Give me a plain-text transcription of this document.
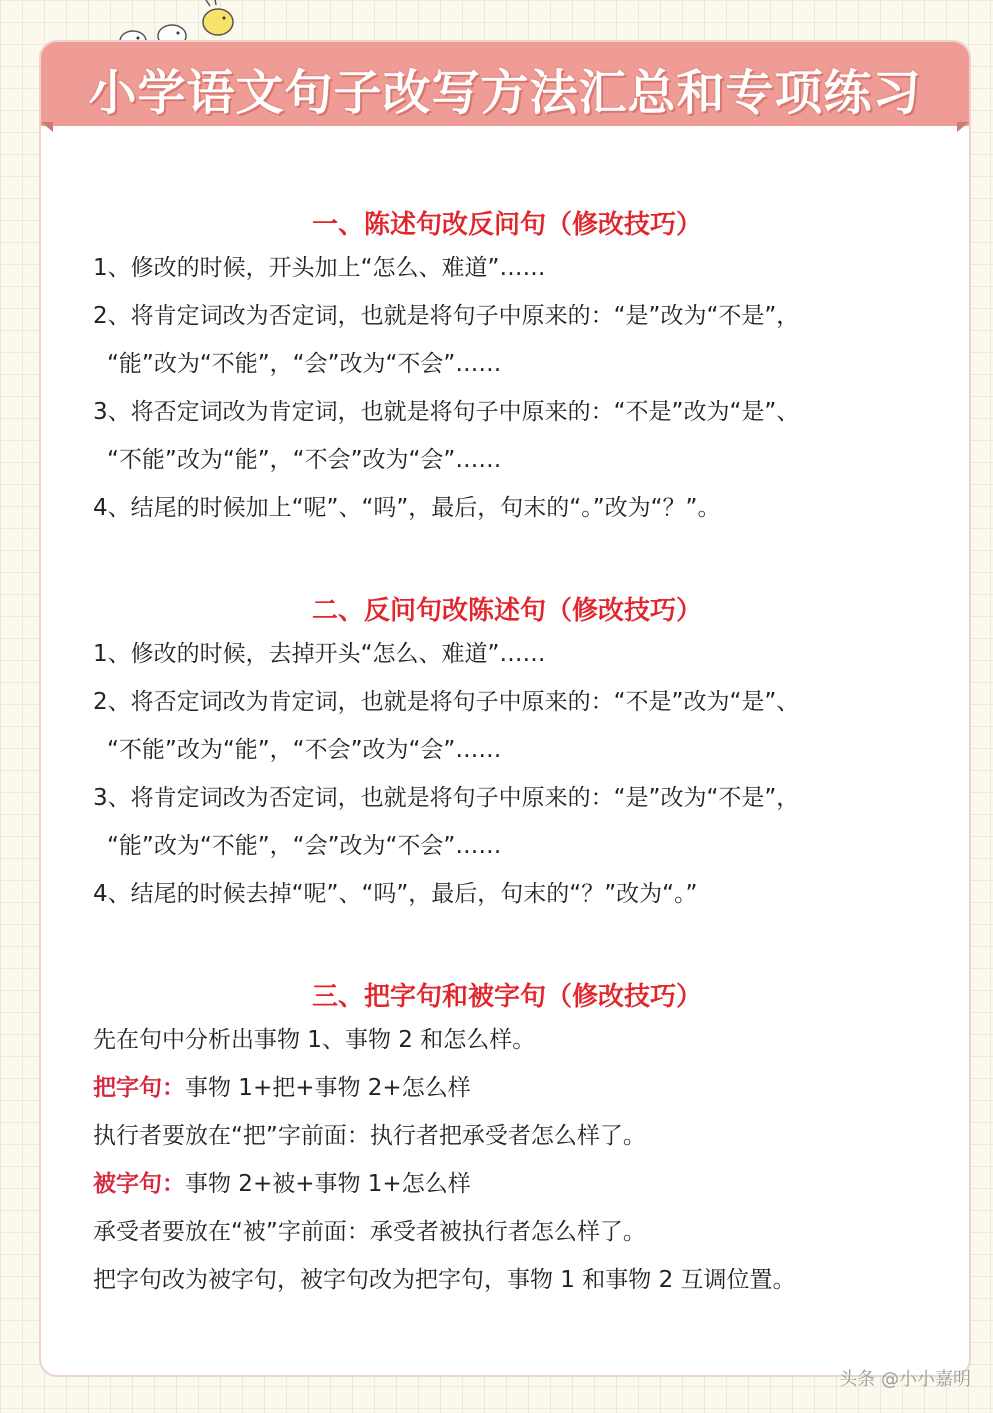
小学语文句子改写方法汇总和专项练习
一、陈述句改反问句（修改技巧）
1、修改的时候，开头加上“怎么、难道”……
2、将肯定词改为否定词，也就是将句子中原来的：“是”改为“不是”，
“能”改为“不能”，“会”改为“不会”……
3、将否定词改为肯定词，也就是将句子中原来的：“不是”改为“是”、
“不能”改为“能”，“不会”改为“会”……
4、结尾的时候加上“呢”、“吗”，最后，句末的“。”改为“？”。
二、反问句改陈述句（修改技巧）
1、修改的时候，去掉开头“怎么、难道”……
2、将否定词改为肯定词，也就是将句子中原来的：“不是”改为“是”、
“不能”改为“能”，“不会”改为“会”……
3、将肯定词改为否定词，也就是将句子中原来的：“是”改为“不是”，
“能”改为“不能”，“会”改为“不会”……
4、结尾的时候去掉“呢”、“吗”，最后，句末的“？”改为“。”
三、把字句和被字句（修改技巧）
先在句中分析出事物 1、事物 2 和怎么样。
把字句：事物 1+把+事物 2+怎么样
执行者要放在“把”字前面：执行者把承受者怎么样了。
被字句：事物 2+被+事物 1+怎么样
承受者要放在“被”字前面：承受者被执行者怎么样了。
把字句改为被字句，被字句改为把字句，事物 1 和事物 2 互调位置。
头条 @小小嘉明
